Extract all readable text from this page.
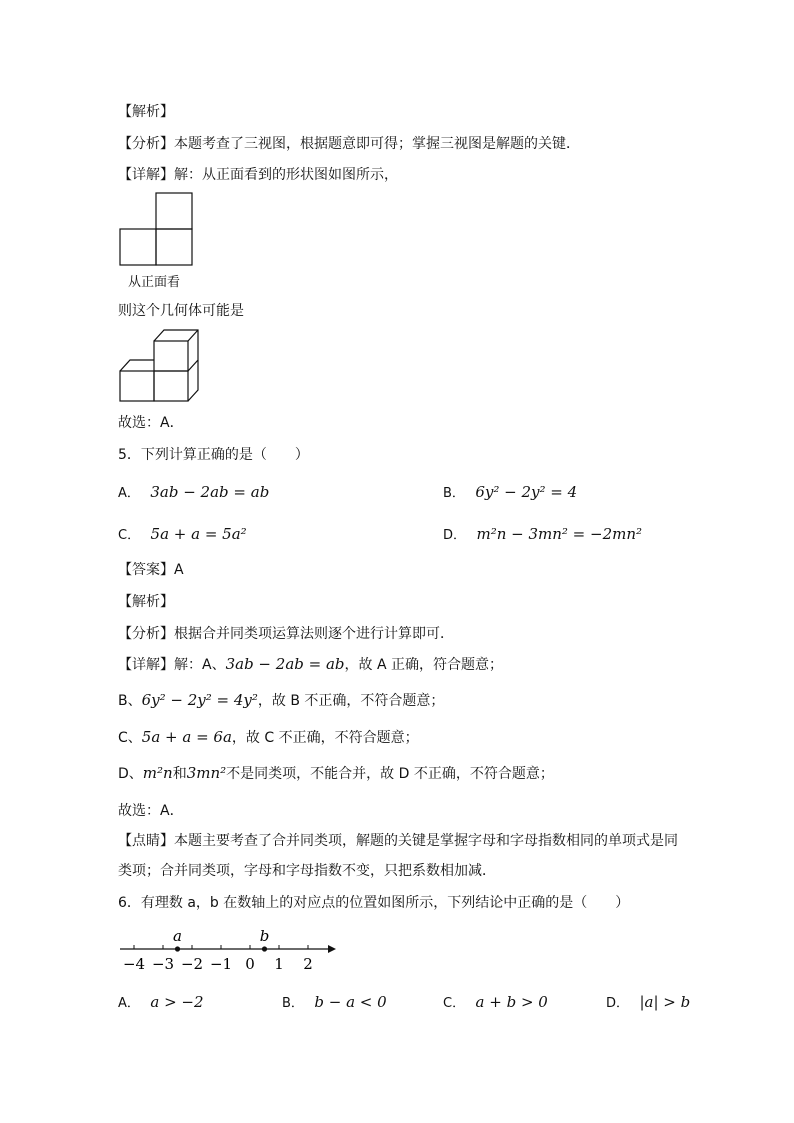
【解析】
【分析】本题考查了三视图，根据题意即可得；掌握三视图是解题的关键．
【详解】解：从正面看到的形状图如图所示，
从正面看
则这个几何体可能是
故选：A．
5．下列计算正确的是（　　）
A． 3ab − 2ab = ab	B． 6y² − 2y² = 4
C． 5a + a = 5a²	D． m²n − 3mn² = −2mn²
【答案】A
【解析】
【分析】根据合并同类项运算法则逐个进行计算即可．
【详解】解：A、3ab − 2ab = ab，故 A 正确，符合题意；
B、6y² − 2y² = 4y²，故 B 不正确，不符合题意；
C、5a + a = 6a，故 C 不正确，不符合题意；
D、m²n和3mn²不是同类项，不能合并，故 D 不正确，不符合题意；
故选：A．
【点睛】本题主要考查了合并同类项，解题的关键是掌握字母和字母指数相同的单项式是同
类项；合并同类项，字母和字母指数不变，只把系数相加减．
6．有理数 a，b 在数轴上的对应点的位置如图所示，下列结论中正确的是（　　）
−4 −3 −2 −1 0 1 2
a	b
A． a > −2	B． b − a < 0	C． a + b > 0	D． |a| > b
